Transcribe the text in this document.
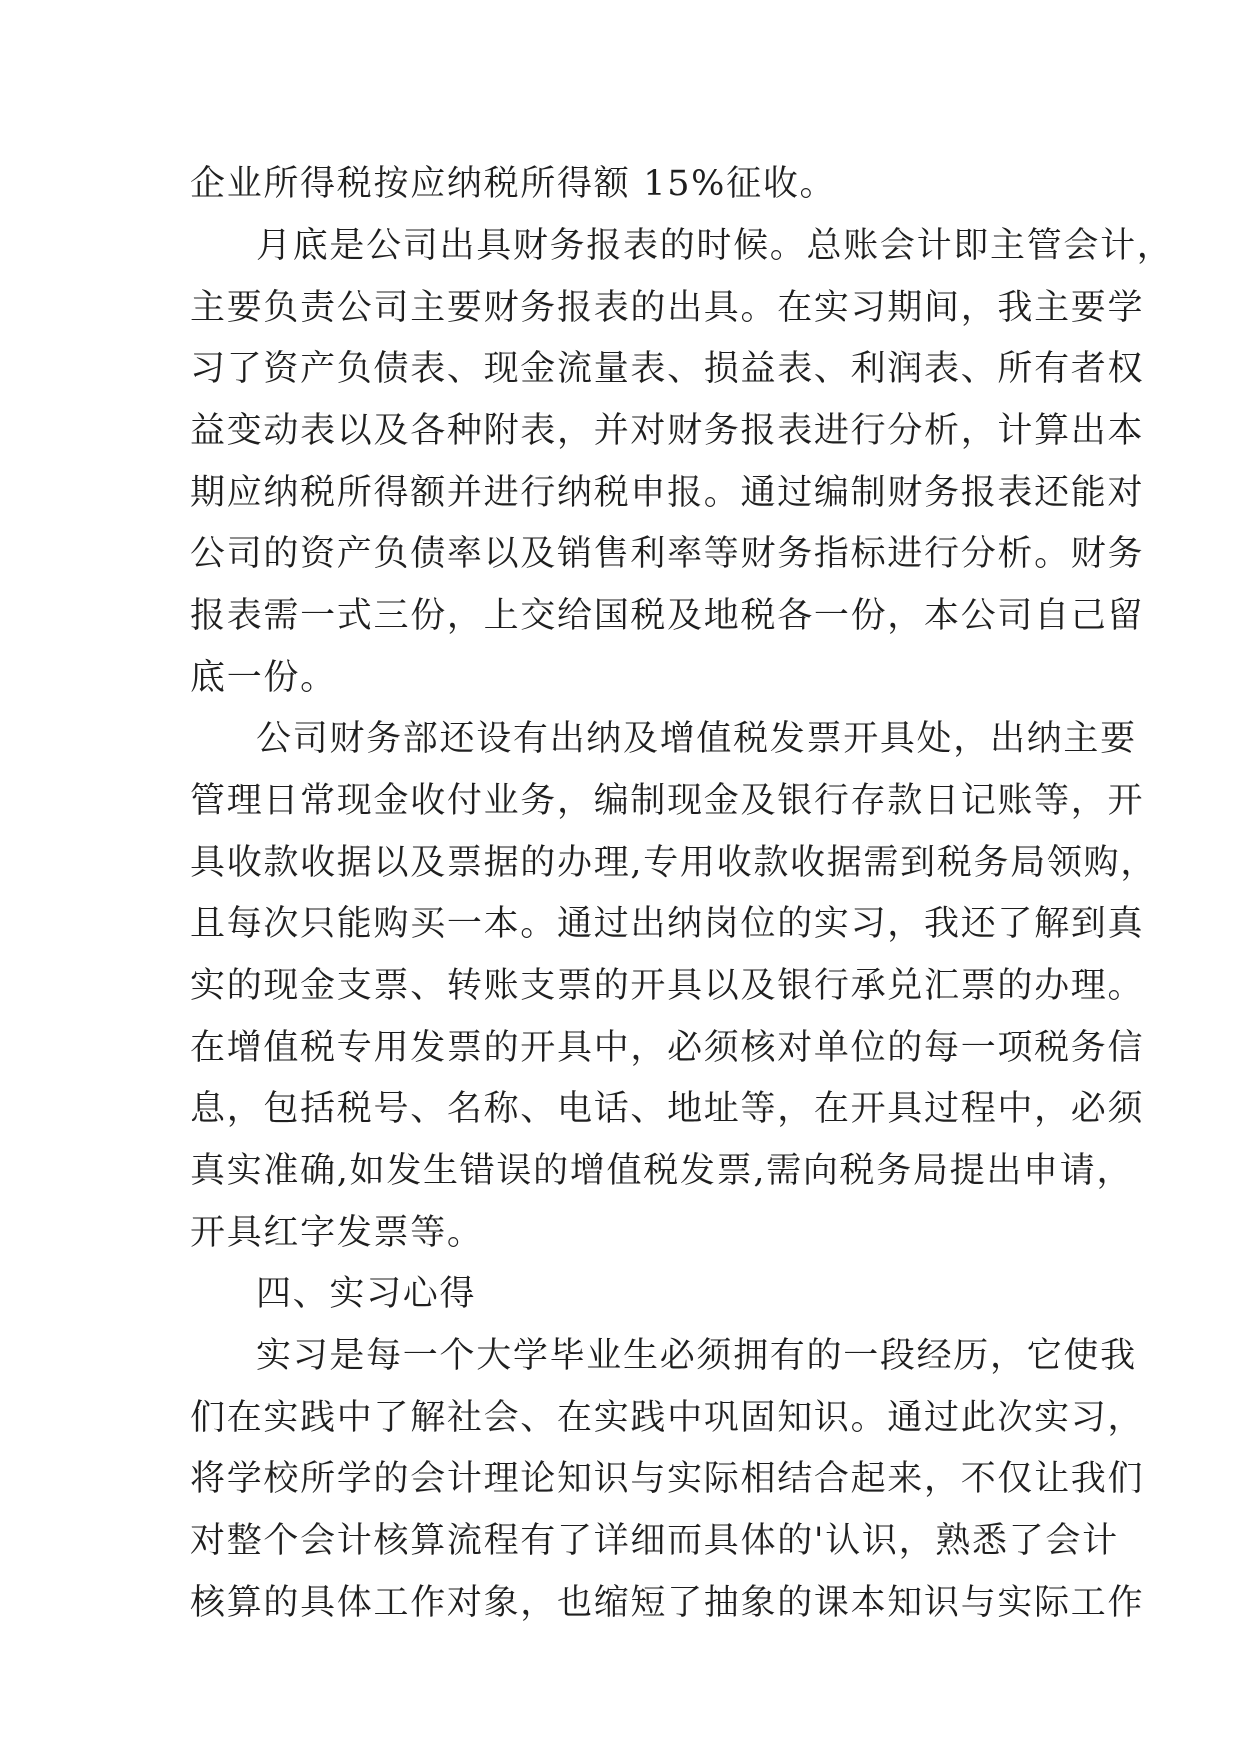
企业所得税按应纳税所得额 15%征收。
月底是公司出具财务报表的时候。总账会计即主管会计，
主要负责公司主要财务报表的出具。在实习期间，我主要学
习了资产负债表、现金流量表、损益表、利润表、所有者权
益变动表以及各种附表，并对财务报表进行分析，计算出本
期应纳税所得额并进行纳税申报。通过编制财务报表还能对
公司的资产负债率以及销售利率等财务指标进行分析。财务
报表需一式三份，上交给国税及地税各一份，本公司自己留
底一份。
公司财务部还设有出纳及增值税发票开具处，出纳主要
管理日常现金收付业务，编制现金及银行存款日记账等，开
具收款收据以及票据的办理,专用收款收据需到税务局领购，
且每次只能购买一本。通过出纳岗位的实习，我还了解到真
实的现金支票、转账支票的开具以及银行承兑汇票的办理。
在增值税专用发票的开具中，必须核对单位的每一项税务信
息，包括税号、名称、电话、地址等，在开具过程中，必须
真实准确,如发生错误的增值税发票,需向税务局提出申请，
开具红字发票等。
四、实习心得
实习是每一个大学毕业生必须拥有的一段经历，它使我
们在实践中了解社会、在实践中巩固知识。通过此次实习，
将学校所学的会计理论知识与实际相结合起来，不仅让我们
对整个会计核算流程有了详细而具体的'认识，熟悉了会计
核算的具体工作对象，也缩短了抽象的课本知识与实际工作
